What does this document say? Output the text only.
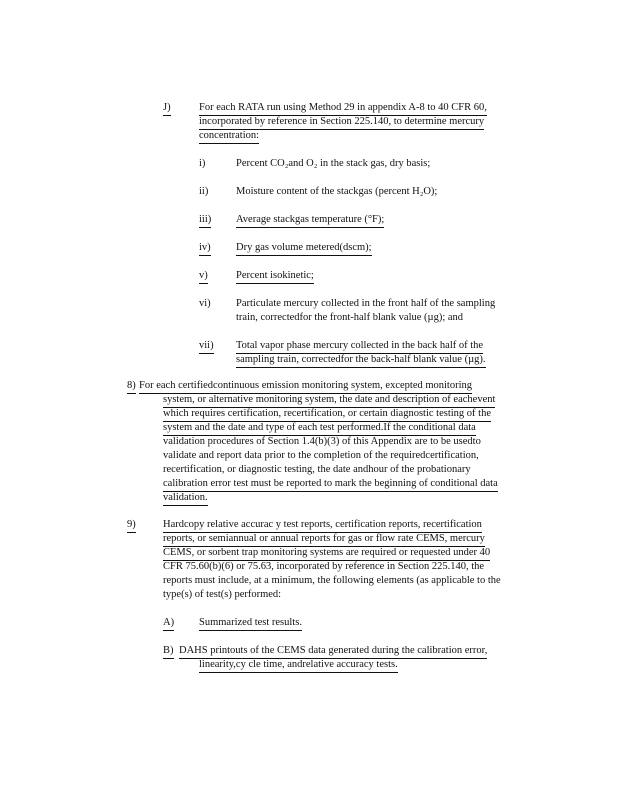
J)	For each RATA run using Method 29 in appendix A-8 to 40 CFR 60,
incorporated by reference in Section 225.140, to determine mercury
concentration:
i)	Percent CO₂and O₂ in the stack gas, dry basis;
ii)	Moisture content of the stackgas (percent H₂O);
iii) Average stackgas temperature (°F);
iv) Dry gas volume metered(dscm);
v)	Percent isokinetic;
vi) Particulate mercury collected in the front half of the sampling
train, correctedfor the front-half blank value (µg); and
vii) Total vapor phase mercury collected in the back half of the
sampling train, correctedfor the back-half blank value (µg).
8) For each certifiedcontinuous emission monitoring system, excepted monitoring
system, or alternative monitoring system, the date and description of eachevent
which requires certification, recertification, or certain diagnostic testing of the
system and the date and type of each test performed.If the conditional data
validation procedures of Section 1.4(b)(3) of this Appendix are to be usedto
validate and report data prior to the completion of the requiredcertification,
recertification, or diagnostic testing, the date andhour of the probationary
calibration error test must be reported to mark the beginning of conditional data
validation.
9)	Hardcopy relative accurac y test reports, certification reports, recertification
reports, or semiannual or annual reports for gas or flow rate CEMS, mercury
CEMS, or sorbent trap monitoring systems are required or requested under 40
CFR 75.60(b)(6) or 75.63, incorporated by reference in Section 225.140, the
reports must include, at a minimum, the following elements (as applicable to the
type(s) of test(s) performed:
A) Summarized test results.
B) DAHS printouts of the CEMS data generated during the calibration error,
linearity,cy cle time, andrelative accuracy tests.
